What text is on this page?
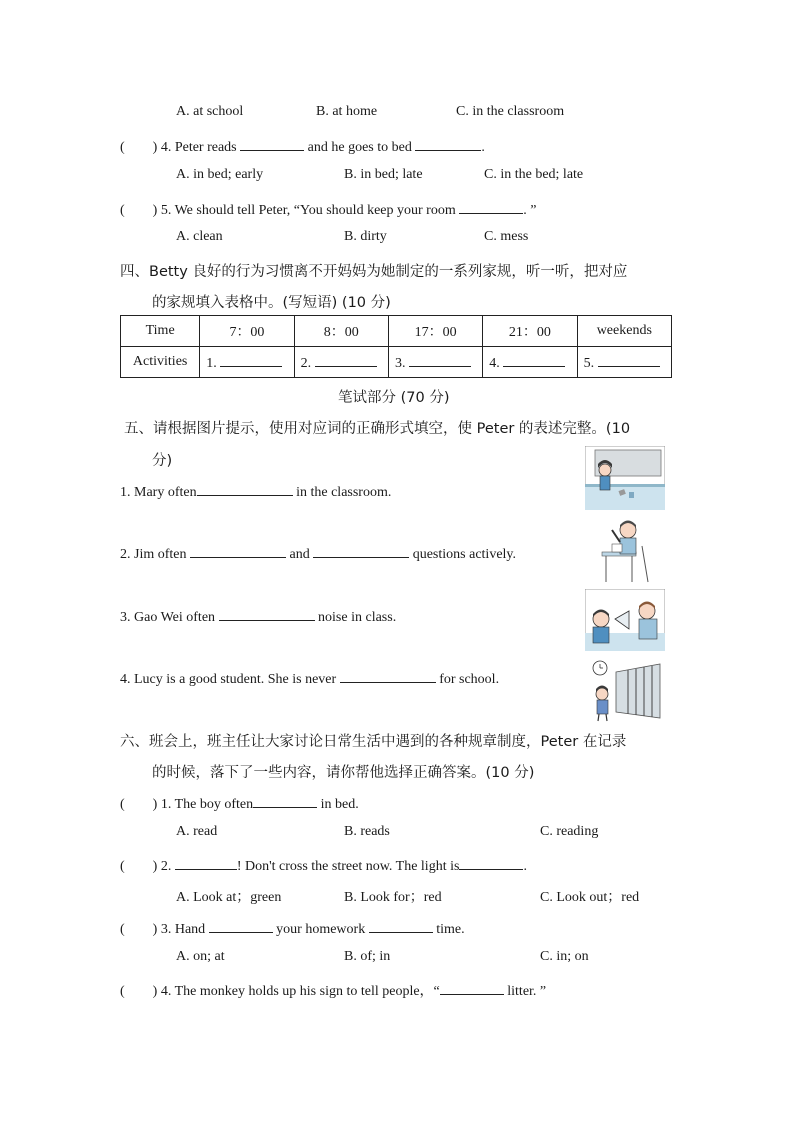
A. at school	B. at home	C. in the classroom
(　　) 4. Peter reads	and he goes to bed	.
A. in bed; early	B. in bed; late	C. in the bed; late
(　　) 5. We should tell Peter, “You should keep your room	. ”
A. clean	B. dirty	C. mess
四、Betty 良好的行为习惯离不开妈妈为她制定的一系列家规，听一听，把对应
的家规填入表格中。(写短语) (10 分)
Time	7：00	8：00	17：00	21：00	weekends
Activities	1.	2.	3.	4.	5.
笔试部分 (70 分)
五、请根据图片提示，使用对应词的正确形式填空，使 Peter 的表述完整。(10
分)
1. Mary often	in the classroom.
2. Jim often	and	questions actively.
3. Gao Wei often	noise in class.
4. Lucy is a good student. She is never	for school.
六、班会上，班主任让大家讨论日常生活中遇到的各种规章制度，Peter 在记录
的时候，落下了一些内容，请你帮他选择正确答案。(10 分)
(　　) 1. The boy often	in bed.
A. read	B. reads	C. reading
(　　) 2.	! Don't cross the street now. The light is	.
A. Look at；green	B. Look for；red	C. Look out；red
(　　) 3. Hand	your homework	time.
A. on; at	B. of; in	C. in; on
(　　) 4. The monkey holds up his sign to tell people，“	litter. ”
